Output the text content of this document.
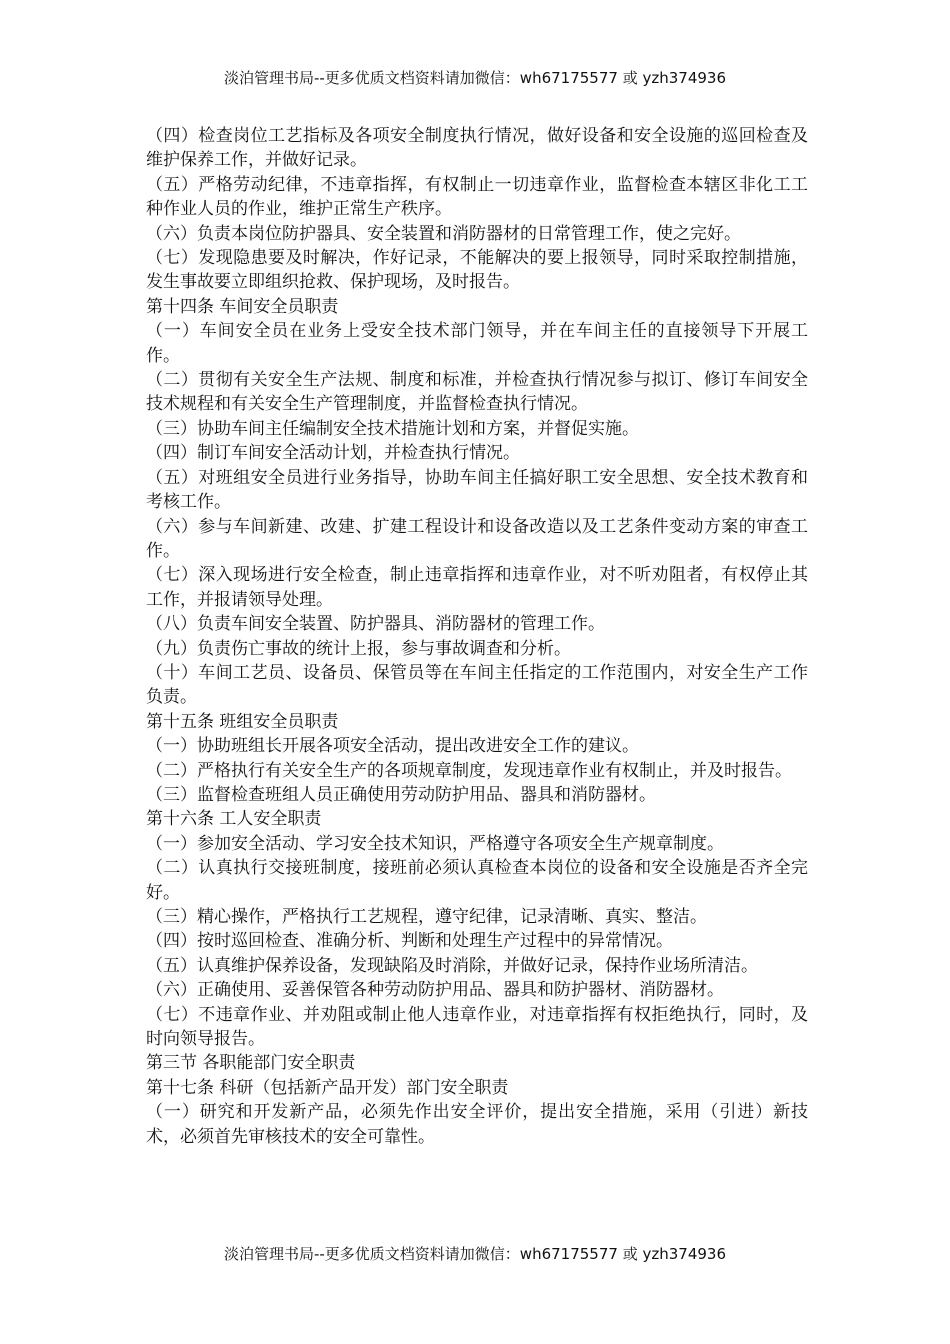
淡泊管理书局--更多优质文档资料请加微信：wh67175577 或 yzh374936

（四）检查岗位工艺指标及各项安全制度执行情况，做好设备和安全设施的巡回检查及维护保养工作，并做好记录。

（五）严格劳动纪律，不违章指挥，有权制止一切违章作业，监督检查本辖区非化工工种作业人员的作业，维护正常生产秩序。

（六）负责本岗位防护器具、安全装置和消防器材的日常管理工作，使之完好。

（七）发现隐患要及时解决，作好记录，不能解决的要上报领导，同时采取控制措施，发生事故要立即组织抢救、保护现场，及时报告。

第十四条 车间安全员职责

（一）车间安全员在业务上受安全技术部门领导，并在车间主任的直接领导下开展工作。

（二）贯彻有关安全生产法规、制度和标准，并检查执行情况参与拟订、修订车间安全技术规程和有关安全生产管理制度，并监督检查执行情况。

（三）协助车间主任编制安全技术措施计划和方案，并督促实施。

（四）制订车间安全活动计划，并检查执行情况。

（五）对班组安全员进行业务指导，协助车间主任搞好职工安全思想、安全技术教育和考核工作。

（六）参与车间新建、改建、扩建工程设计和设备改造以及工艺条件变动方案的审查工作。

（七）深入现场进行安全检查，制止违章指挥和违章作业，对不听劝阻者，有权停止其工作，并报请领导处理。

（八）负责车间安全装置、防护器具、消防器材的管理工作。

（九）负责伤亡事故的统计上报，参与事故调查和分析。

（十）车间工艺员、设备员、保管员等在车间主任指定的工作范围内，对安全生产工作负责。

第十五条 班组安全员职责

（一）协助班组长开展各项安全活动，提出改进安全工作的建议。

（二）严格执行有关安全生产的各项规章制度，发现违章作业有权制止，并及时报告。

（三）监督检查班组人员正确使用劳动防护用品、器具和消防器材。

第十六条 工人安全职责

（一）参加安全活动、学习安全技术知识，严格遵守各项安全生产规章制度。

（二）认真执行交接班制度，接班前必须认真检查本岗位的设备和安全设施是否齐全完好。

（三）精心操作，严格执行工艺规程，遵守纪律，记录清晰、真实、整洁。

（四）按时巡回检查、准确分析、判断和处理生产过程中的异常情况。

（五）认真维护保养设备，发现缺陷及时消除，并做好记录，保持作业场所清洁。

（六）正确使用、妥善保管各种劳动防护用品、器具和防护器材、消防器材。

（七）不违章作业、并劝阻或制止他人违章作业，对违章指挥有权拒绝执行，同时，及时向领导报告。

第三节 各职能部门安全职责

第十七条 科研（包括新产品开发）部门安全职责

（一）研究和开发新产品，必须先作出安全评价，提出安全措施，采用（引进）新技术，必须首先审核技术的安全可靠性。

淡泊管理书局--更多优质文档资料请加微信：wh67175577 或 yzh374936
